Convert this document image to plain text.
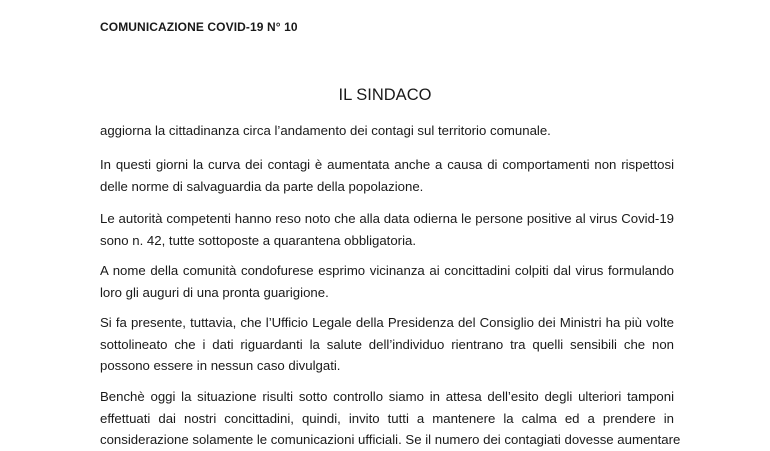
COMUNICAZIONE COVID-19 N° 10
IL SINDACO
aggiorna la cittadinanza circa l’andamento dei contagi sul territorio comunale.
In questi giorni la curva dei contagi è aumentata anche a causa di comportamenti non rispettosi
delle norme di salvaguardia da parte della popolazione.
Le autorità competenti hanno reso noto che alla data odierna le persone positive al virus Covid-19
sono n. 42, tutte sottoposte a quarantena obbligatoria.
A nome della comunità condofurese esprimo vicinanza ai concittadini colpiti dal virus formulando
loro gli auguri di una pronta guarigione.
Si fa presente, tuttavia, che l’Ufficio Legale della Presidenza del Consiglio dei Ministri ha più volte
sottolineato che i dati riguardanti la salute dell’individuo rientrano tra quelli sensibili che non
possono essere in nessun caso divulgati.
Benchè oggi la situazione risulti sotto controllo siamo in attesa dell’esito degli ulteriori tamponi
effettuati dai nostri concittadini, quindi, invito tutti a mantenere la calma ed a prendere in
considerazione solamente le comunicazioni ufficiali. Se il numero dei contagiati dovesse aumentare
